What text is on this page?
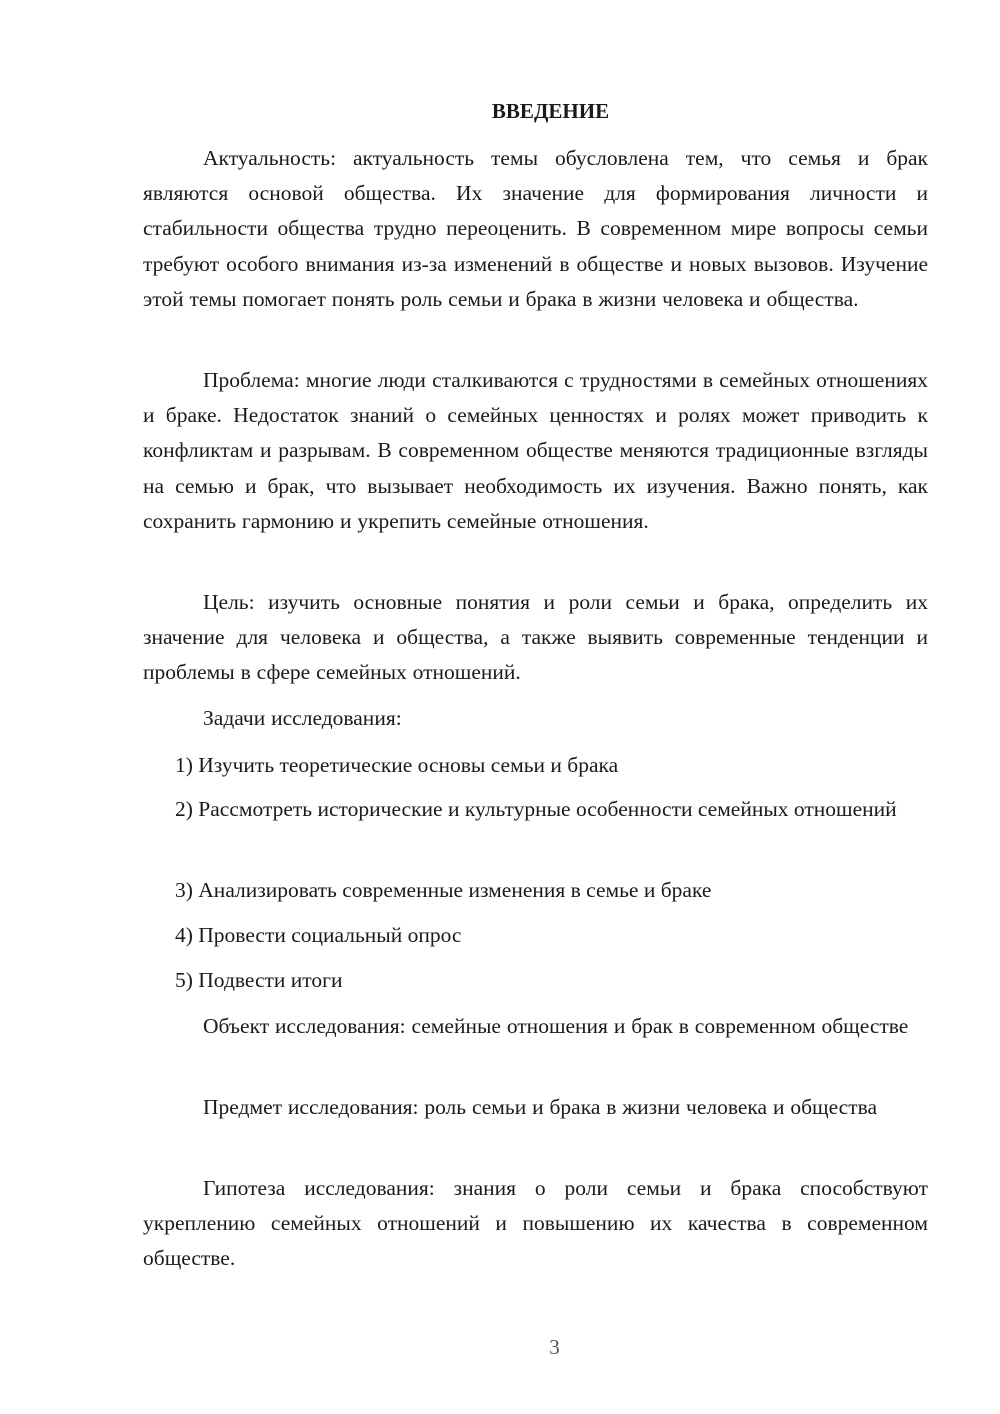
ВВЕДЕНИЕ

Актуальность: актуальность темы обусловлена тем, что семья и брак являются основой общества. Их значение для формирования личности и стабильности общества трудно переоценить. В современном мире вопросы семьи требуют особого внимания из-за изменений в обществе и новых вызовов. Изучение этой темы помогает понять роль семьи и брака в жизни человека и общества.

Проблема: многие люди сталкиваются с трудностями в семейных отношениях и браке. Недостаток знаний о семейных ценностях и ролях может приводить к конфликтам и разрывам. В современном обществе меняются традиционные взгляды на семью и брак, что вызывает необходимость их изучения. Важно понять, как сохранить гармонию и укрепить семейные отношения.

Цель: изучить основные понятия и роли семьи и брака, определить их значение для человека и общества, а также выявить современные тенденции и проблемы в сфере семейных отношений.

Задачи исследования:

1) Изучить теоретические основы семьи и брака

2) Рассмотреть исторические и культурные особенности семейных отношений

3) Анализировать современные изменения в семье и браке

4) Провести социальный опрос

5) Подвести итоги

Объект исследования: семейные отношения и брак в современном обществе

Предмет исследования: роль семьи и брака в жизни человека и общества

Гипотеза исследования: знания о роли семьи и брака способствуют укреплению семейных отношений и повышению их качества в современном обществе.

3
